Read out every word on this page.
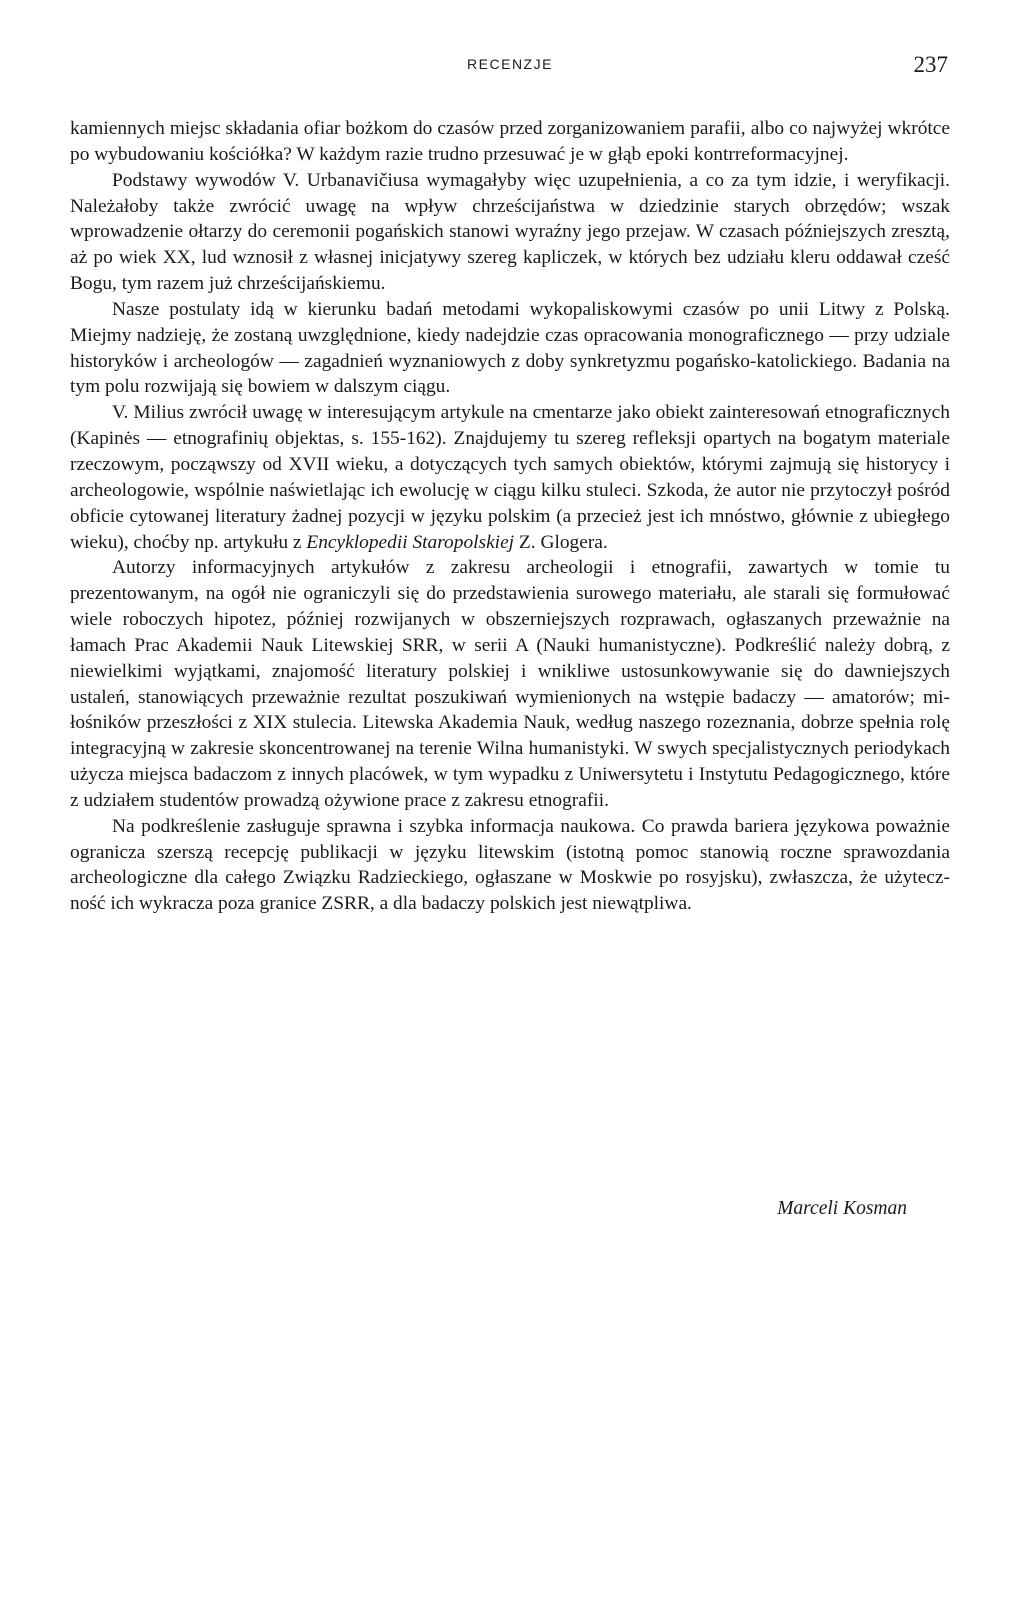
RECENZJE	237

kamiennych miejsc składania ofiar bożkom do czasów przed zorganizowaniem parafii, albo co najwyżej wkrótce po wybudowaniu kościółka? W każdym razie trudno przesuwać je w głąb epoki kontrreformacyjnej.

Podstawy wywodów V. Urbanavičiusa wymagałyby więc uzupełnienia, a co za tym idzie, i weryfikacji. Należałoby także zwrócić uwagę na wpływ chrześcijaństwa w dziedzinie starych obrzędów; wszak wprowadzenie ołtarzy do ceremonii pogańskich stanowi wyraźny jego przejaw. W czasach późniejszych zresztą, aż po wiek XX, lud wznosił z własnej inicjatywy szereg kapliczek, w których bez udziału kleru oddawał cześć Bogu, tym razem już chrześcijańskiemu.

Nasze postulaty idą w kierunku badań metodami wykopaliskowymi czasów po unii Litwy z Polską. Miejmy nadzieję, że zostaną uwzględnione, kiedy nadejdzie czas opracowania monograficznego — przy udziale historyków i archeologów — zagadnień wyznaniowych z doby synkretyzmu pogańsko-katolickiego. Badania na tym polu rozwijają się bowiem w dalszym ciągu.

V. Milius zwrócił uwagę w interesującym artykule na cmentarze jako obiekt zainteresowań etnograficznych (Kapinės — etnografinių objektas, s. 155-162). Znajdujemy tu szereg refleksji opartych na bogatym materiale rzeczowym, począwszy od XVII wieku, a dotyczących tych samych obiektów, którymi zajmują się historycy i archeologowie, wspólnie naświetlając ich ewolucję w ciągu kilku stuleci. Szkoda, że autor nie przytoczył pośród obficie cytowanej literatury żadnej pozycji w języku polskim (a przecież jest ich mnóstwo, głównie z ubiegłego wieku), choćby np. artykułu z Encyklopedii Staropolskiej Z. Glogera.

Autorzy informacyjnych artykułów z zakresu archeologii i etnografii, zawartych w tomie tu prezentowanym, na ogół nie ograniczyli się do przedstawienia surowego materiału, ale starali się formułować wiele roboczych hipotez, później rozwijanych w obszerniejszych rozprawach, ogłaszanych przeważnie na łamach Prac Akademii Nauk Litewskiej SRR, w serii A (Nauki humanistyczne). Podkreślić należy dobrą, z niewielkimi wyjątkami, znajomość literatury polskiej i wnikliwe ustosunkowywanie się do dawniejszych ustaleń, stanowiących przeważnie rezultat poszukiwań wymienionych na wstępie badaczy — amatorów; miłośników przeszłości z XIX stulecia. Litewska Akademia Nauk, według naszego rozeznania, dobrze spełnia rolę integracyjną w zakresie skoncentrowanej na terenie Wilna humanistyki. W swych specjalistycznych periodykach użycza miejsca badaczom z innych placówek, w tym wypadku z Uniwersytetu i Instytutu Pedagogicznego, które z udziałem studentów prowadzą ożywione prace z zakresu etnografii.

Na podkreślenie zasługuje sprawna i szybka informacja naukowa. Co prawda bariera językowa poważnie ogranicza szerszą recepcję publikacji w języku litewskim (istotną pomoc stanowią roczne sprawozdania archeologiczne dla całego Związku Radzieckiego, ogłaszane w Moskwie po rosyjsku), zwłaszcza, że użyteczność ich wykracza poza granice ZSRR, a dla badaczy polskich jest niewątpliwa.

Marceli Kosman
